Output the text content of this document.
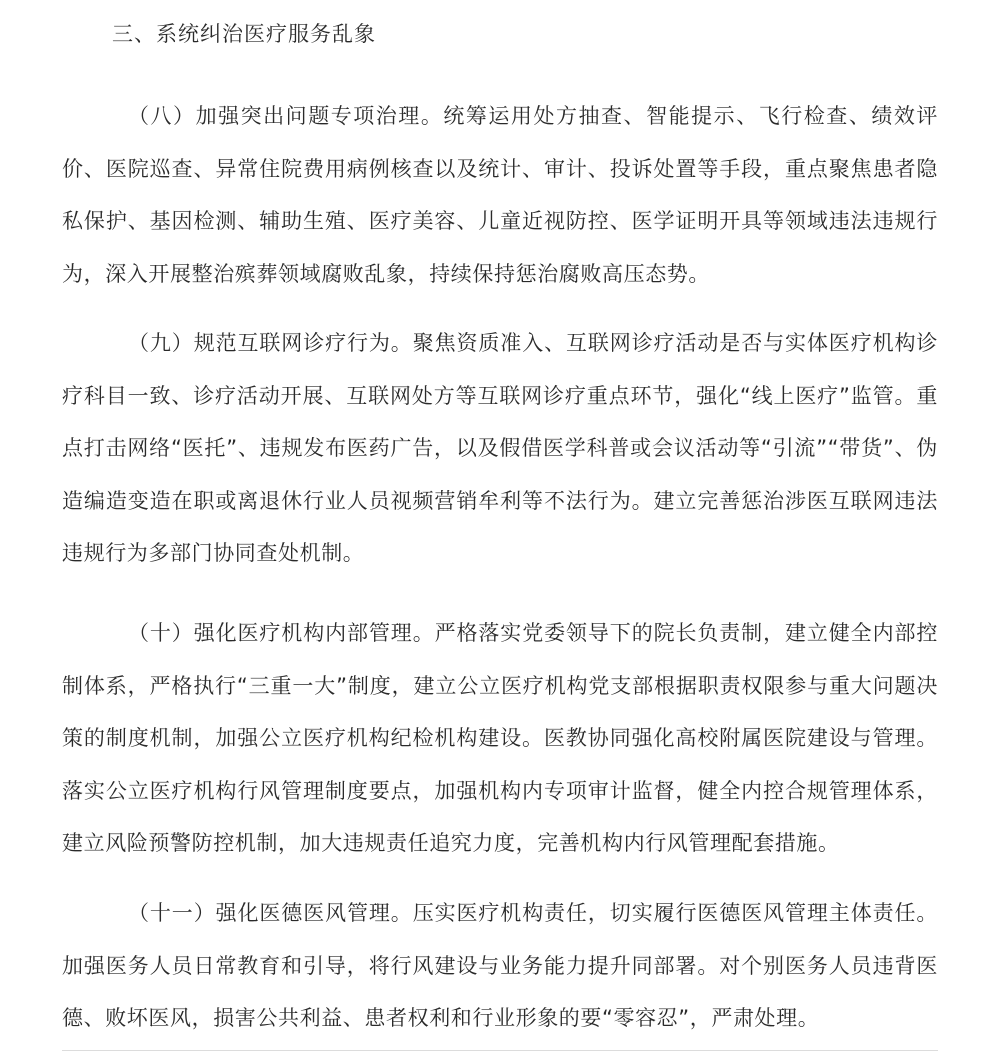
三、系统纠治医疗服务乱象

（八）加强突出问题专项治理。统筹运用处方抽查、智能提示、飞行检查、绩效评价、医院巡查、异常住院费用病例核查以及统计、审计、投诉处置等手段，重点聚焦患者隐私保护、基因检测、辅助生殖、医疗美容、儿童近视防控、医学证明开具等领域违法违规行为，深入开展整治殡葬领域腐败乱象，持续保持惩治腐败高压态势。

（九）规范互联网诊疗行为。聚焦资质准入、互联网诊疗活动是否与实体医疗机构诊疗科目一致、诊疗活动开展、互联网处方等互联网诊疗重点环节，强化“线上医疗”监管。重点打击网络“医托”、违规发布医药广告，以及假借医学科普或会议活动等“引流”“带货”、伪造编造变造在职或离退休行业人员视频营销牟利等不法行为。建立完善惩治涉医互联网违法违规行为多部门协同查处机制。

（十）强化医疗机构内部管理。严格落实党委领导下的院长负责制，建立健全内部控制体系，严格执行“三重一大”制度，建立公立医疗机构党支部根据职责权限参与重大问题决策的制度机制，加强公立医疗机构纪检机构建设。医教协同强化高校附属医院建设与管理。落实公立医疗机构行风管理制度要点，加强机构内专项审计监督，健全内控合规管理体系，建立风险预警防控机制，加大违规责任追究力度，完善机构内行风管理配套措施。

（十一）强化医德医风管理。压实医疗机构责任，切实履行医德医风管理主体责任。加强医务人员日常教育和引导，将行风建设与业务能力提升同部署。对个别医务人员违背医德、败坏医风，损害公共利益、患者权利和行业形象的要“零容忍”，严肃处理。
